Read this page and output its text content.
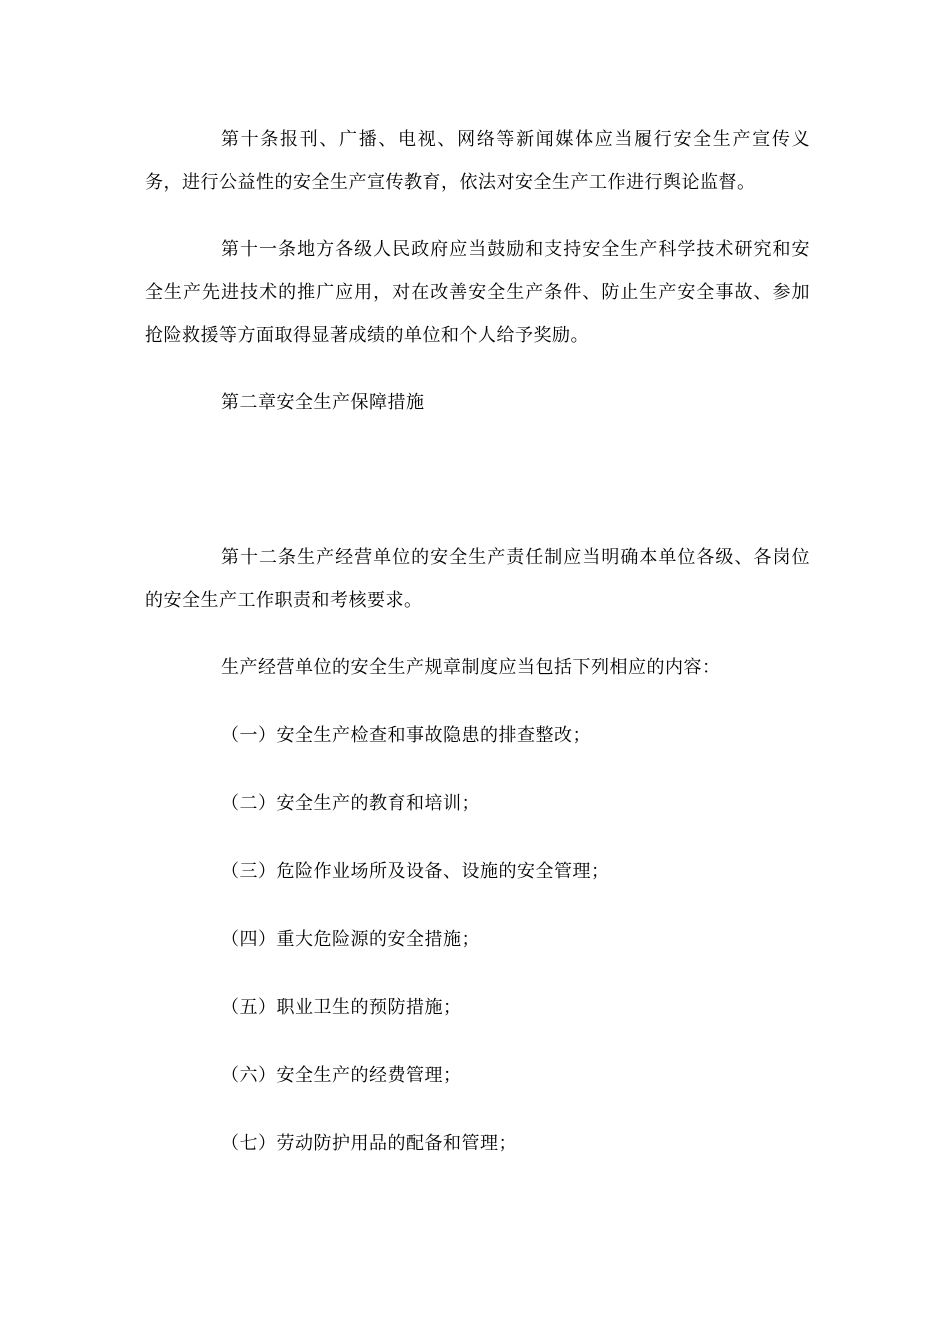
第十条报刊、广播、电视、网络等新闻媒体应当履行安全生产宣传义务，进行公益性的安全生产宣传教育，依法对安全生产工作进行舆论监督。

第十一条地方各级人民政府应当鼓励和支持安全生产科学技术研究和安全生产先进技术的推广应用，对在改善安全生产条件、防止生产安全事故、参加抢险救援等方面取得显著成绩的单位和个人给予奖励。

第二章安全生产保障措施

第十二条生产经营单位的安全生产责任制应当明确本单位各级、各岗位的安全生产工作职责和考核要求。

生产经营单位的安全生产规章制度应当包括下列相应的内容：

（一）安全生产检查和事故隐患的排查整改；

（二）安全生产的教育和培训；

（三）危险作业场所及设备、设施的安全管理；

（四）重大危险源的安全措施；

（五）职业卫生的预防措施；

（六）安全生产的经费管理；

（七）劳动防护用品的配备和管理；
